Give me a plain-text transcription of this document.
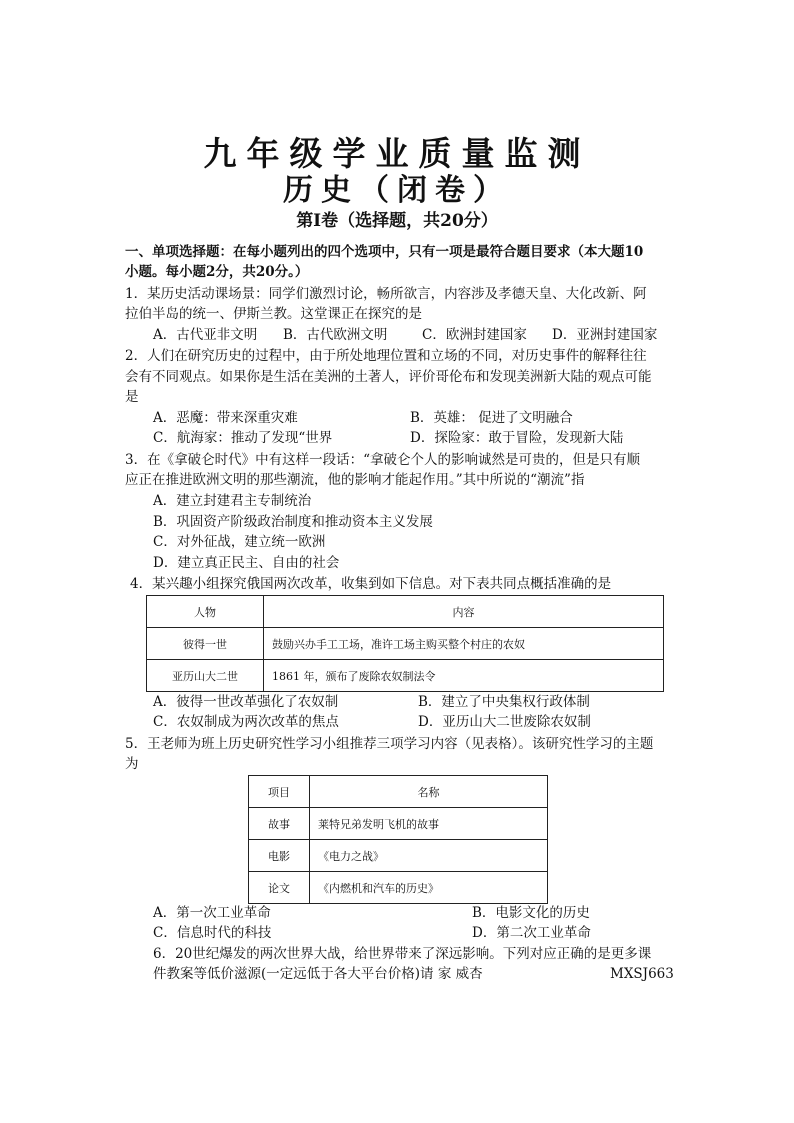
九年级学业质量监测
历史（闭卷）
第Ⅰ卷（选择题，共20分）
一、单项选择题：在每小题列出的四个选项中，只有一项是最符合题目要求（本大题10
小题。每小题2分，共20分。）
1．某历史活动课场景：同学们激烈讨论，畅所欲言，内容涉及孝德天皇、大化改新、阿
拉伯半岛的统一、伊斯兰教。这堂课正在探究的是
A．古代亚非文明 B．古代欧洲文明	C．欧洲封建国家 D．亚洲封建国家
2．人们在研究历史的过程中，由于所处地理位置和立场的不同，对历史事件的解释往往
会有不同观点。如果你是生活在美洲的土著人，评价哥伦布和发现美洲新大陆的观点可能
是
A．恶魔：带来深重灾难	B．英雄： 促进了文明融合
C．航海家：推动了发现“世界	D．探险家：敢于冒险，发现新大陆
3．在《拿破仑时代》中有这样一段话：“拿破仑个人的影响诚然是可贵的，但是只有顺
应正在推进欧洲文明的那些潮流，他的影响才能起作用。”其中所说的“潮流”指
A．建立封建君主专制统治
B．巩固资产阶级政治制度和推动资本主义发展
C．对外征战，建立统一欧洲
D．建立真正民主、自由的社会
4．某兴趣小组探究俄国两次改革，收集到如下信息。对下表共同点概括准确的是
人物	内容
彼得一世	鼓励兴办手工工场，准许工场主购买整个村庄的农奴
亚历山大二世	1861 年，颁布了废除农奴制法令
A．彼得一世改革强化了农奴制	B．建立了中央集权行政体制
C．农奴制成为两次改革的焦点	D．亚历山大二世废除农奴制
5．王老师为班上历史研究性学习小组推荐三项学习内容（见表格）。该研究性学习的主题
为
项目	名称
故事	莱特兄弟发明飞机的故事
电影	《电力之战》
论文	《内燃机和汽车的历史》
A．第一次工业革命	B．电影文化的历史
C．信息时代的科技	D．第二次工业革命
6．20世纪爆发的两次世界大战，给世界带来了深远影响。下列对应正确的是更多课
件教案等低价滋源(一定远低于各大平台价格)请 家 威杏	MXSJ663
